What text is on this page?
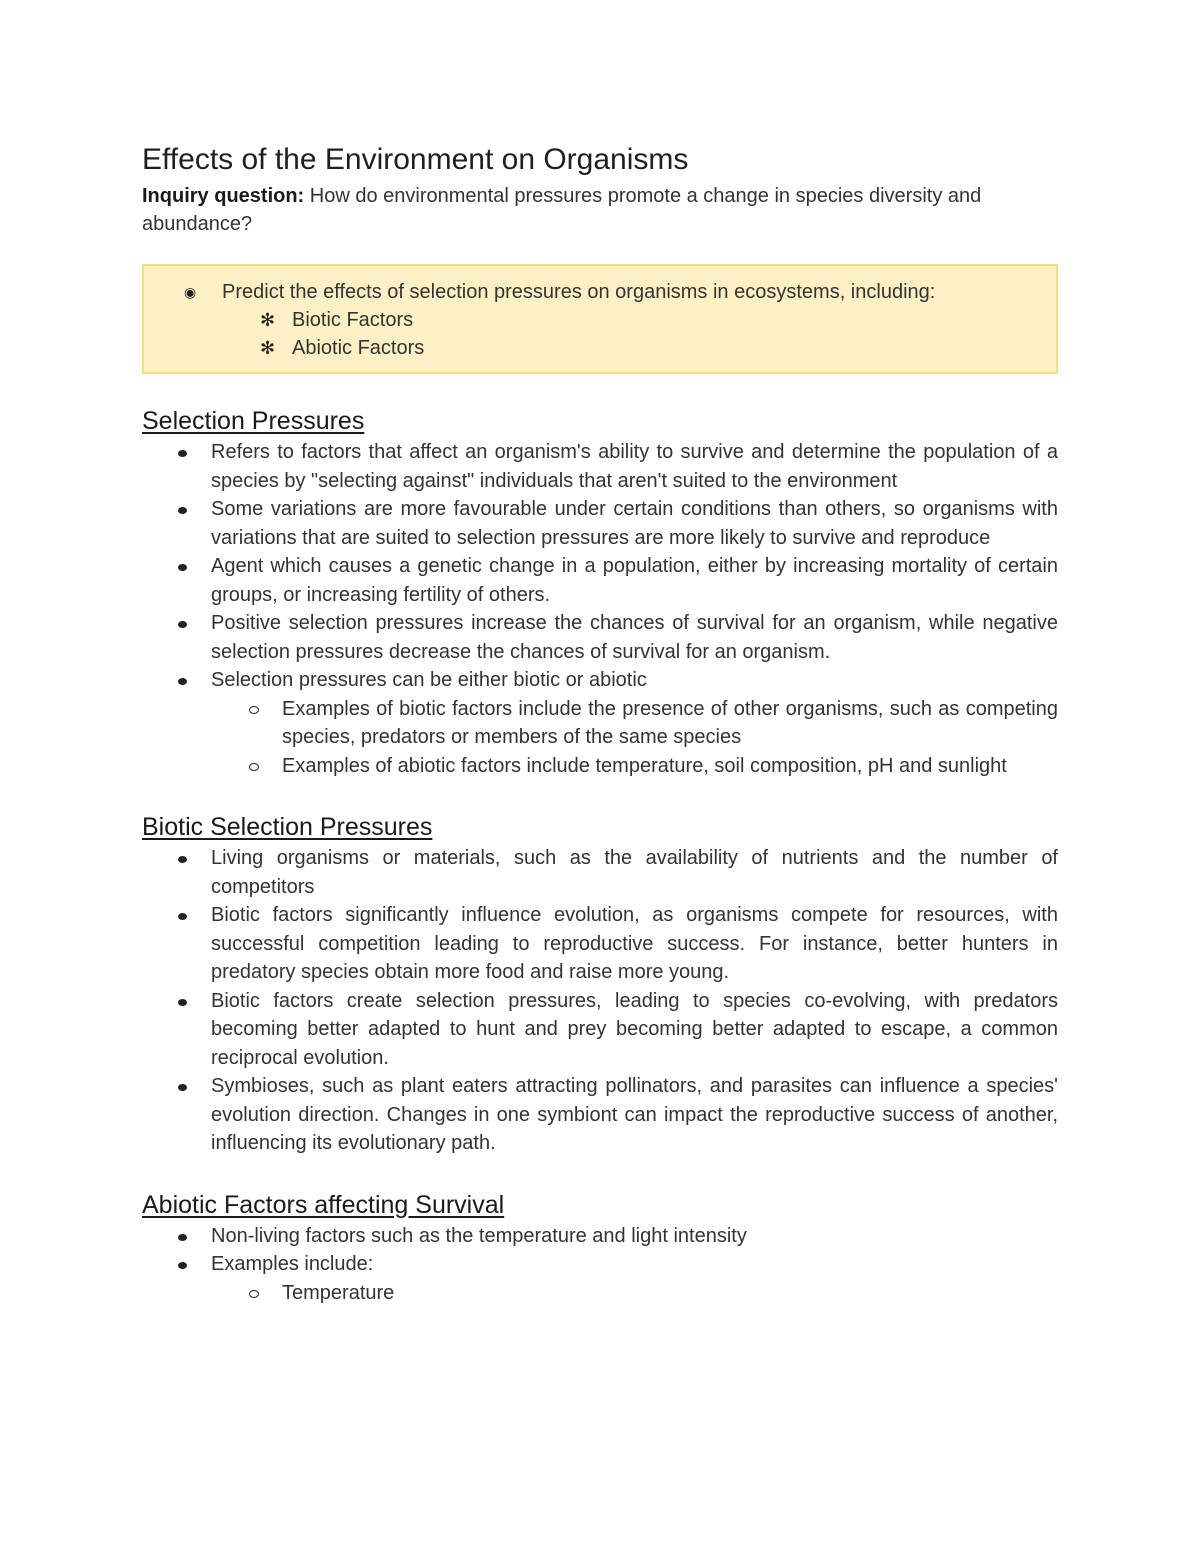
Effects of the Environment on Organisms

Inquiry question: How do environmental pressures promote a change in species diversity and abundance?

◉ Predict the effects of selection pressures on organisms in ecosystems, including:
✻ Biotic Factors
✻ Abiotic Factors
Selection Pressures
Refers to factors that affect an organism's ability to survive and determine the population of a species by "selecting against" individuals that aren't suited to the environment
Some variations are more favourable under certain conditions than others, so organisms with variations that are suited to selection pressures are more likely to survive and reproduce
Agent which causes a genetic change in a population, either by increasing mortality of certain groups, or increasing fertility of others.
Positive selection pressures increase the chances of survival for an organism, while negative selection pressures decrease the chances of survival for an organism.
Selection pressures can be either biotic or abiotic
Examples of biotic factors include the presence of other organisms, such as competing species, predators or members of the same species
Examples of abiotic factors include temperature, soil composition, pH and sunlight
Biotic Selection Pressures
Living organisms or materials, such as the availability of nutrients and the number of competitors
Biotic factors significantly influence evolution, as organisms compete for resources, with successful competition leading to reproductive success. For instance, better hunters in predatory species obtain more food and raise more young.
Biotic factors create selection pressures, leading to species co-evolving, with predators becoming better adapted to hunt and prey becoming better adapted to escape, a common reciprocal evolution.
Symbioses, such as plant eaters attracting pollinators, and parasites can influence a species' evolution direction. Changes in one symbiont can impact the reproductive success of another, influencing its evolutionary path.
Abiotic Factors affecting Survival
Non-living factors such as the temperature and light intensity
Examples include:
Temperature
